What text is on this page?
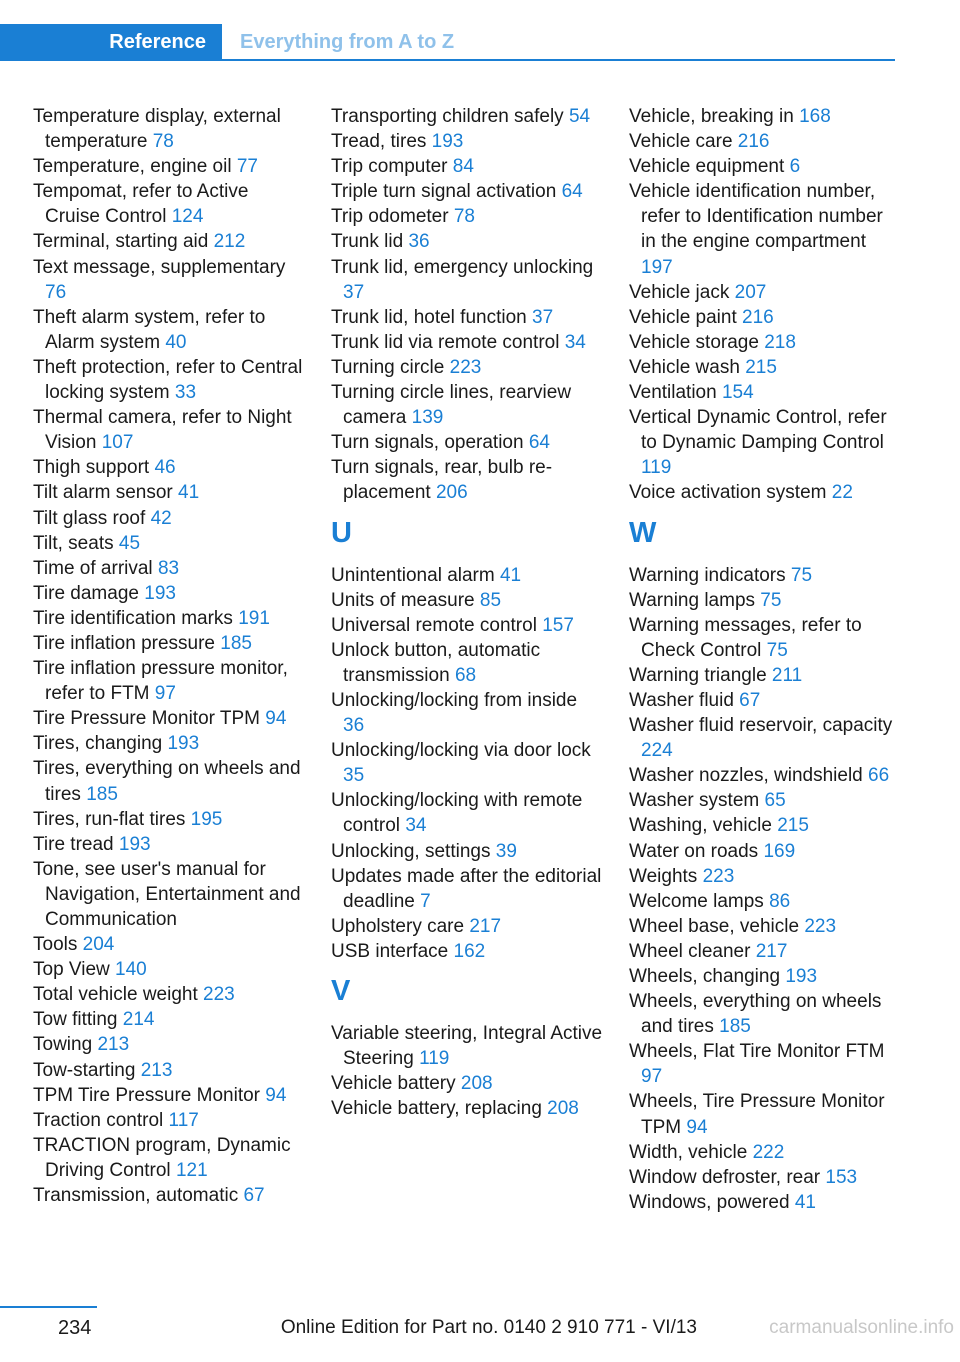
Reference	Everything from A to Z

Temperature display, external temperature 78

Temperature, engine oil 77

Tempomat, refer to Active Cruise Control 124

Terminal, starting aid 212

Text message, supplementary 76

Theft alarm system, refer to Alarm system 40

Theft protection, refer to Central locking system 33

Thermal camera, refer to Night Vision 107

Thigh support 46

Tilt alarm sensor 41

Tilt glass roof 42

Tilt, seats 45

Time of arrival 83

Tire damage 193

Tire identification marks 191

Tire inflation pressure 185

Tire inflation pressure monitor, refer to FTM 97

Tire Pressure Monitor TPM 94

Tires, changing 193

Tires, everything on wheels and tires 185

Tires, run-flat tires 195

Tire tread 193

Tone, see user's manual for Navigation, Entertainment and Communication

Tools 204

Top View 140

Total vehicle weight 223

Tow fitting 214

Towing 213

Tow-starting 213

TPM Tire Pressure Monitor 94

Traction control 117

TRACTION program, Dynamic Driving Control 121

Transmission, automatic 67

Transporting children safely 54

Tread, tires 193

Trip computer 84

Triple turn signal activation 64

Trip odometer 78

Trunk lid 36

Trunk lid, emergency unlocking 37

Trunk lid, hotel function 37

Trunk lid via remote control 34

Turning circle 223

Turning circle lines, rearview camera 139

Turn signals, operation 64

Turn signals, rear, bulb replacement 206

U

Unintentional alarm 41

Units of measure 85

Universal remote control 157

Unlock button, automatic transmission 68

Unlocking/locking from inside 36

Unlocking/locking via door lock 35

Unlocking/locking with remote control 34

Unlocking, settings 39

Updates made after the editorial deadline 7

Upholstery care 217

USB interface 162

V

Variable steering, Integral Active Steering 119

Vehicle battery 208

Vehicle battery, replacing 208

Vehicle, breaking in 168

Vehicle care 216

Vehicle equipment 6

Vehicle identification number, refer to Identification number in the engine compartment 197

Vehicle jack 207

Vehicle paint 216

Vehicle storage 218

Vehicle wash 215

Ventilation 154

Vertical Dynamic Control, refer to Dynamic Damping Control 119

Voice activation system 22

W

Warning indicators 75

Warning lamps 75

Warning messages, refer to Check Control 75

Warning triangle 211

Washer fluid 67

Washer fluid reservoir, capacity 224

Washer nozzles, windshield 66

Washer system 65

Washing, vehicle 215

Water on roads 169

Weights 223

Welcome lamps 86

Wheel base, vehicle 223

Wheel cleaner 217

Wheels, changing 193

Wheels, everything on wheels and tires 185

Wheels, Flat Tire Monitor FTM 97

Wheels, Tire Pressure Monitor TPM 94

Width, vehicle 222

Window defroster, rear 153

Windows, powered 41

234	Online Edition for Part no. 0140 2 910 771 - VI/13	carmanualsonline.info
